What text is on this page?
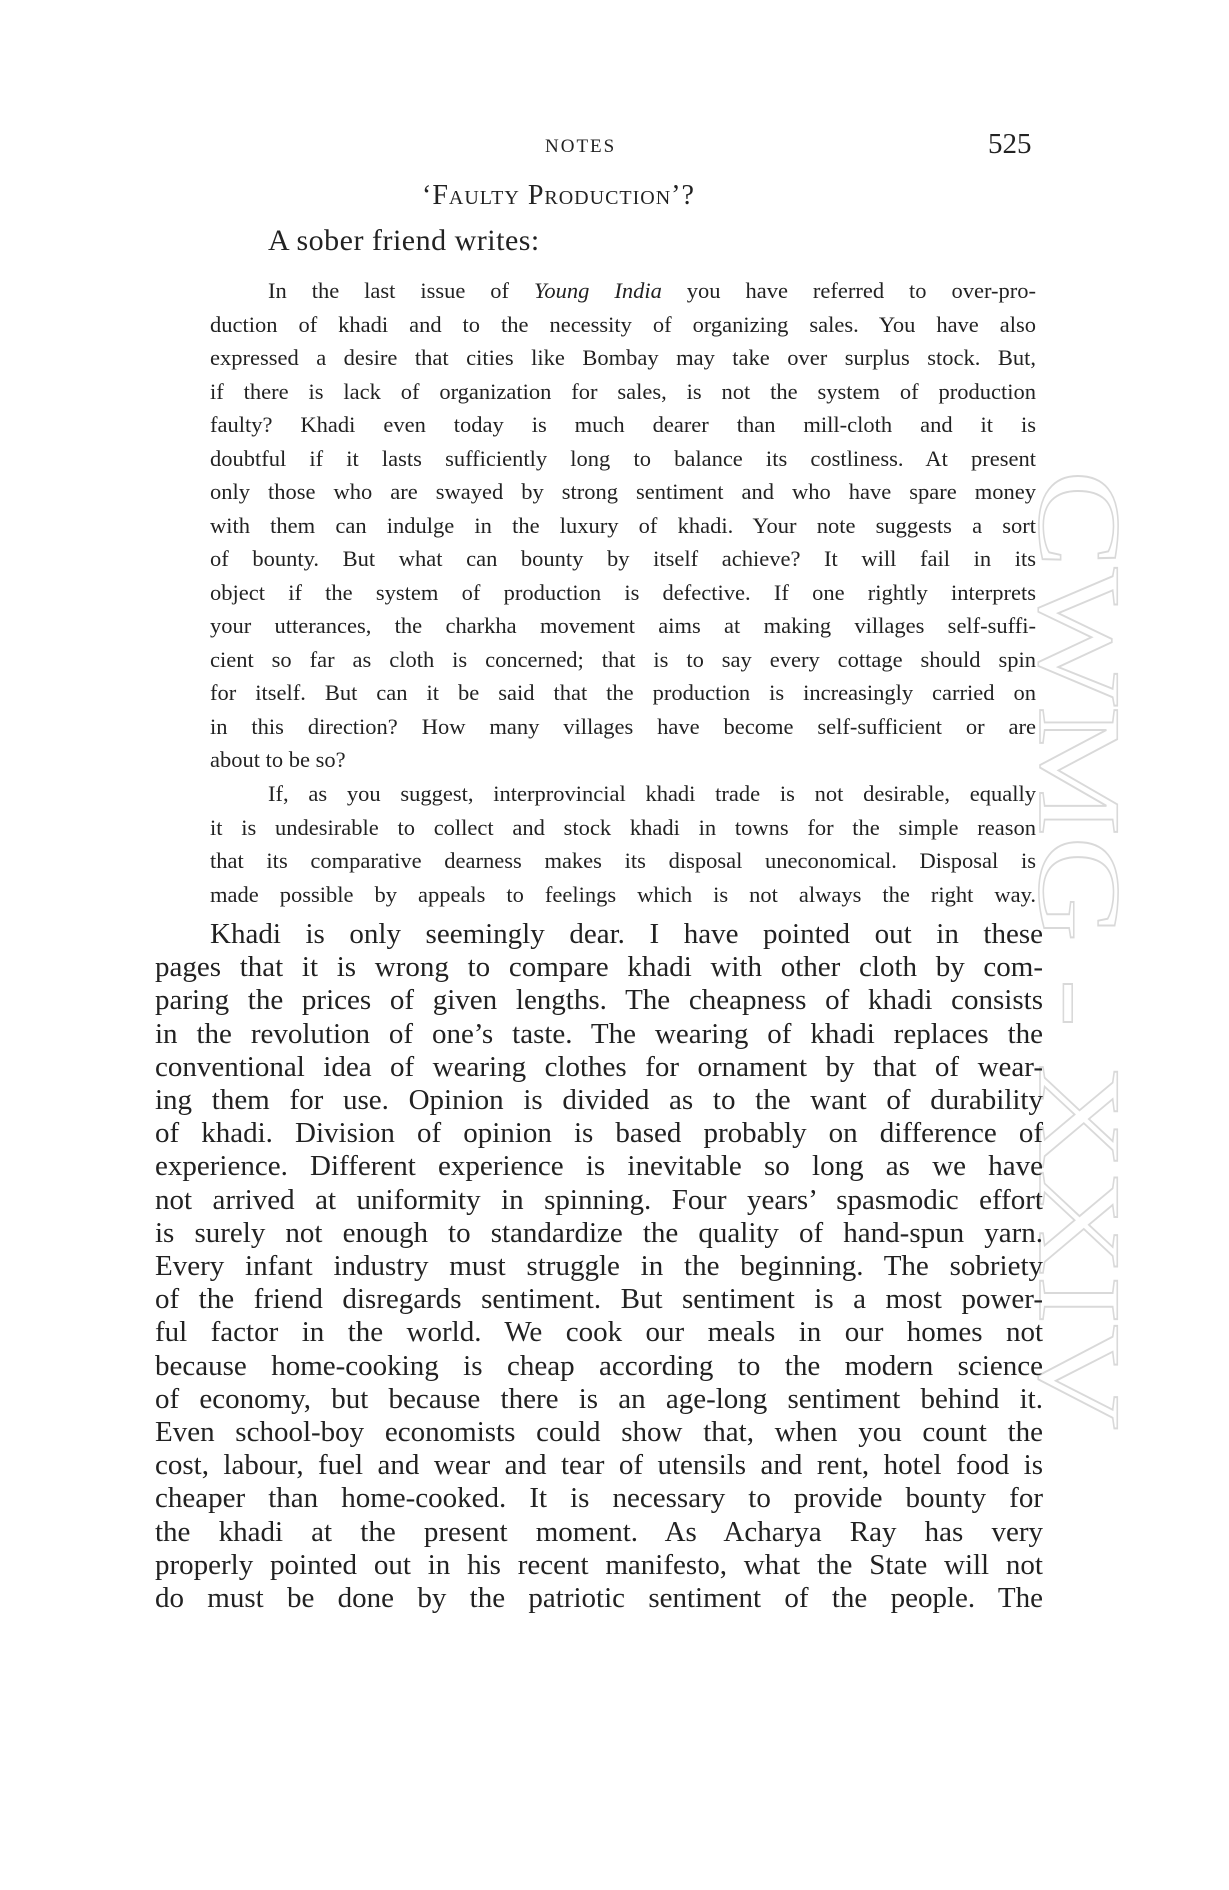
CWMG - XXIV
NOTES	525
‘Faulty Production’?
A sober friend writes:
In the last issue of Young India you have referred to over-pro-
duction of khadi and to the necessity of organizing sales. You have also
expressed a desire that cities like Bombay may take over surplus stock. But,
if there is lack of organization for sales, is not the system of production
faulty? Khadi even today is much dearer than mill-cloth and it is
doubtful if it lasts sufficiently long to balance its costliness. At present
only those who are swayed by strong sentiment and who have spare money
with them can indulge in the luxury of khadi. Your note suggests a sort
of bounty. But what can bounty by itself achieve? It will fail in its
object if the system of production is defective. If one rightly interprets
your utterances, the charkha movement aims at making villages self-suffi-
cient so far as cloth is concerned; that is to say every cottage should spin
for itself. But can it be said that the production is increasingly carried on
in this direction? How many villages have become self-sufficient or are
about to be so?
If, as you suggest, interprovincial khadi trade is not desirable, equally
it is undesirable to collect and stock khadi in towns for the simple reason
that its comparative dearness makes its disposal uneconomical. Disposal is
made possible by appeals to feelings which is not always the right way.
Khadi is only seemingly dear. I have pointed out in these
pages that it is wrong to compare khadi with other cloth by com-
paring the prices of given lengths. The cheapness of khadi consists
in the revolution of one’s taste. The wearing of khadi replaces the
conventional idea of wearing clothes for ornament by that of wear-
ing them for use. Opinion is divided as to the want of durability
of khadi. Division of opinion is based probably on difference of
experience. Different experience is inevitable so long as we have
not arrived at uniformity in spinning. Four years’ spasmodic effort
is surely not enough to standardize the quality of hand-spun yarn.
Every infant industry must struggle in the beginning. The sobriety
of the friend disregards sentiment. But sentiment is a most power-
ful factor in the world. We cook our meals in our homes not
because home-cooking is cheap according to the modern science
of economy, but because there is an age-long sentiment behind it.
Even school-boy economists could show that, when you count the
cost, labour, fuel and wear and tear of utensils and rent, hotel food is
cheaper than home-cooked. It is necessary to provide bounty for
the khadi at the present moment. As Acharya Ray has very
properly pointed out in his recent manifesto, what the State will not
do must be done by the patriotic sentiment of the people. The
